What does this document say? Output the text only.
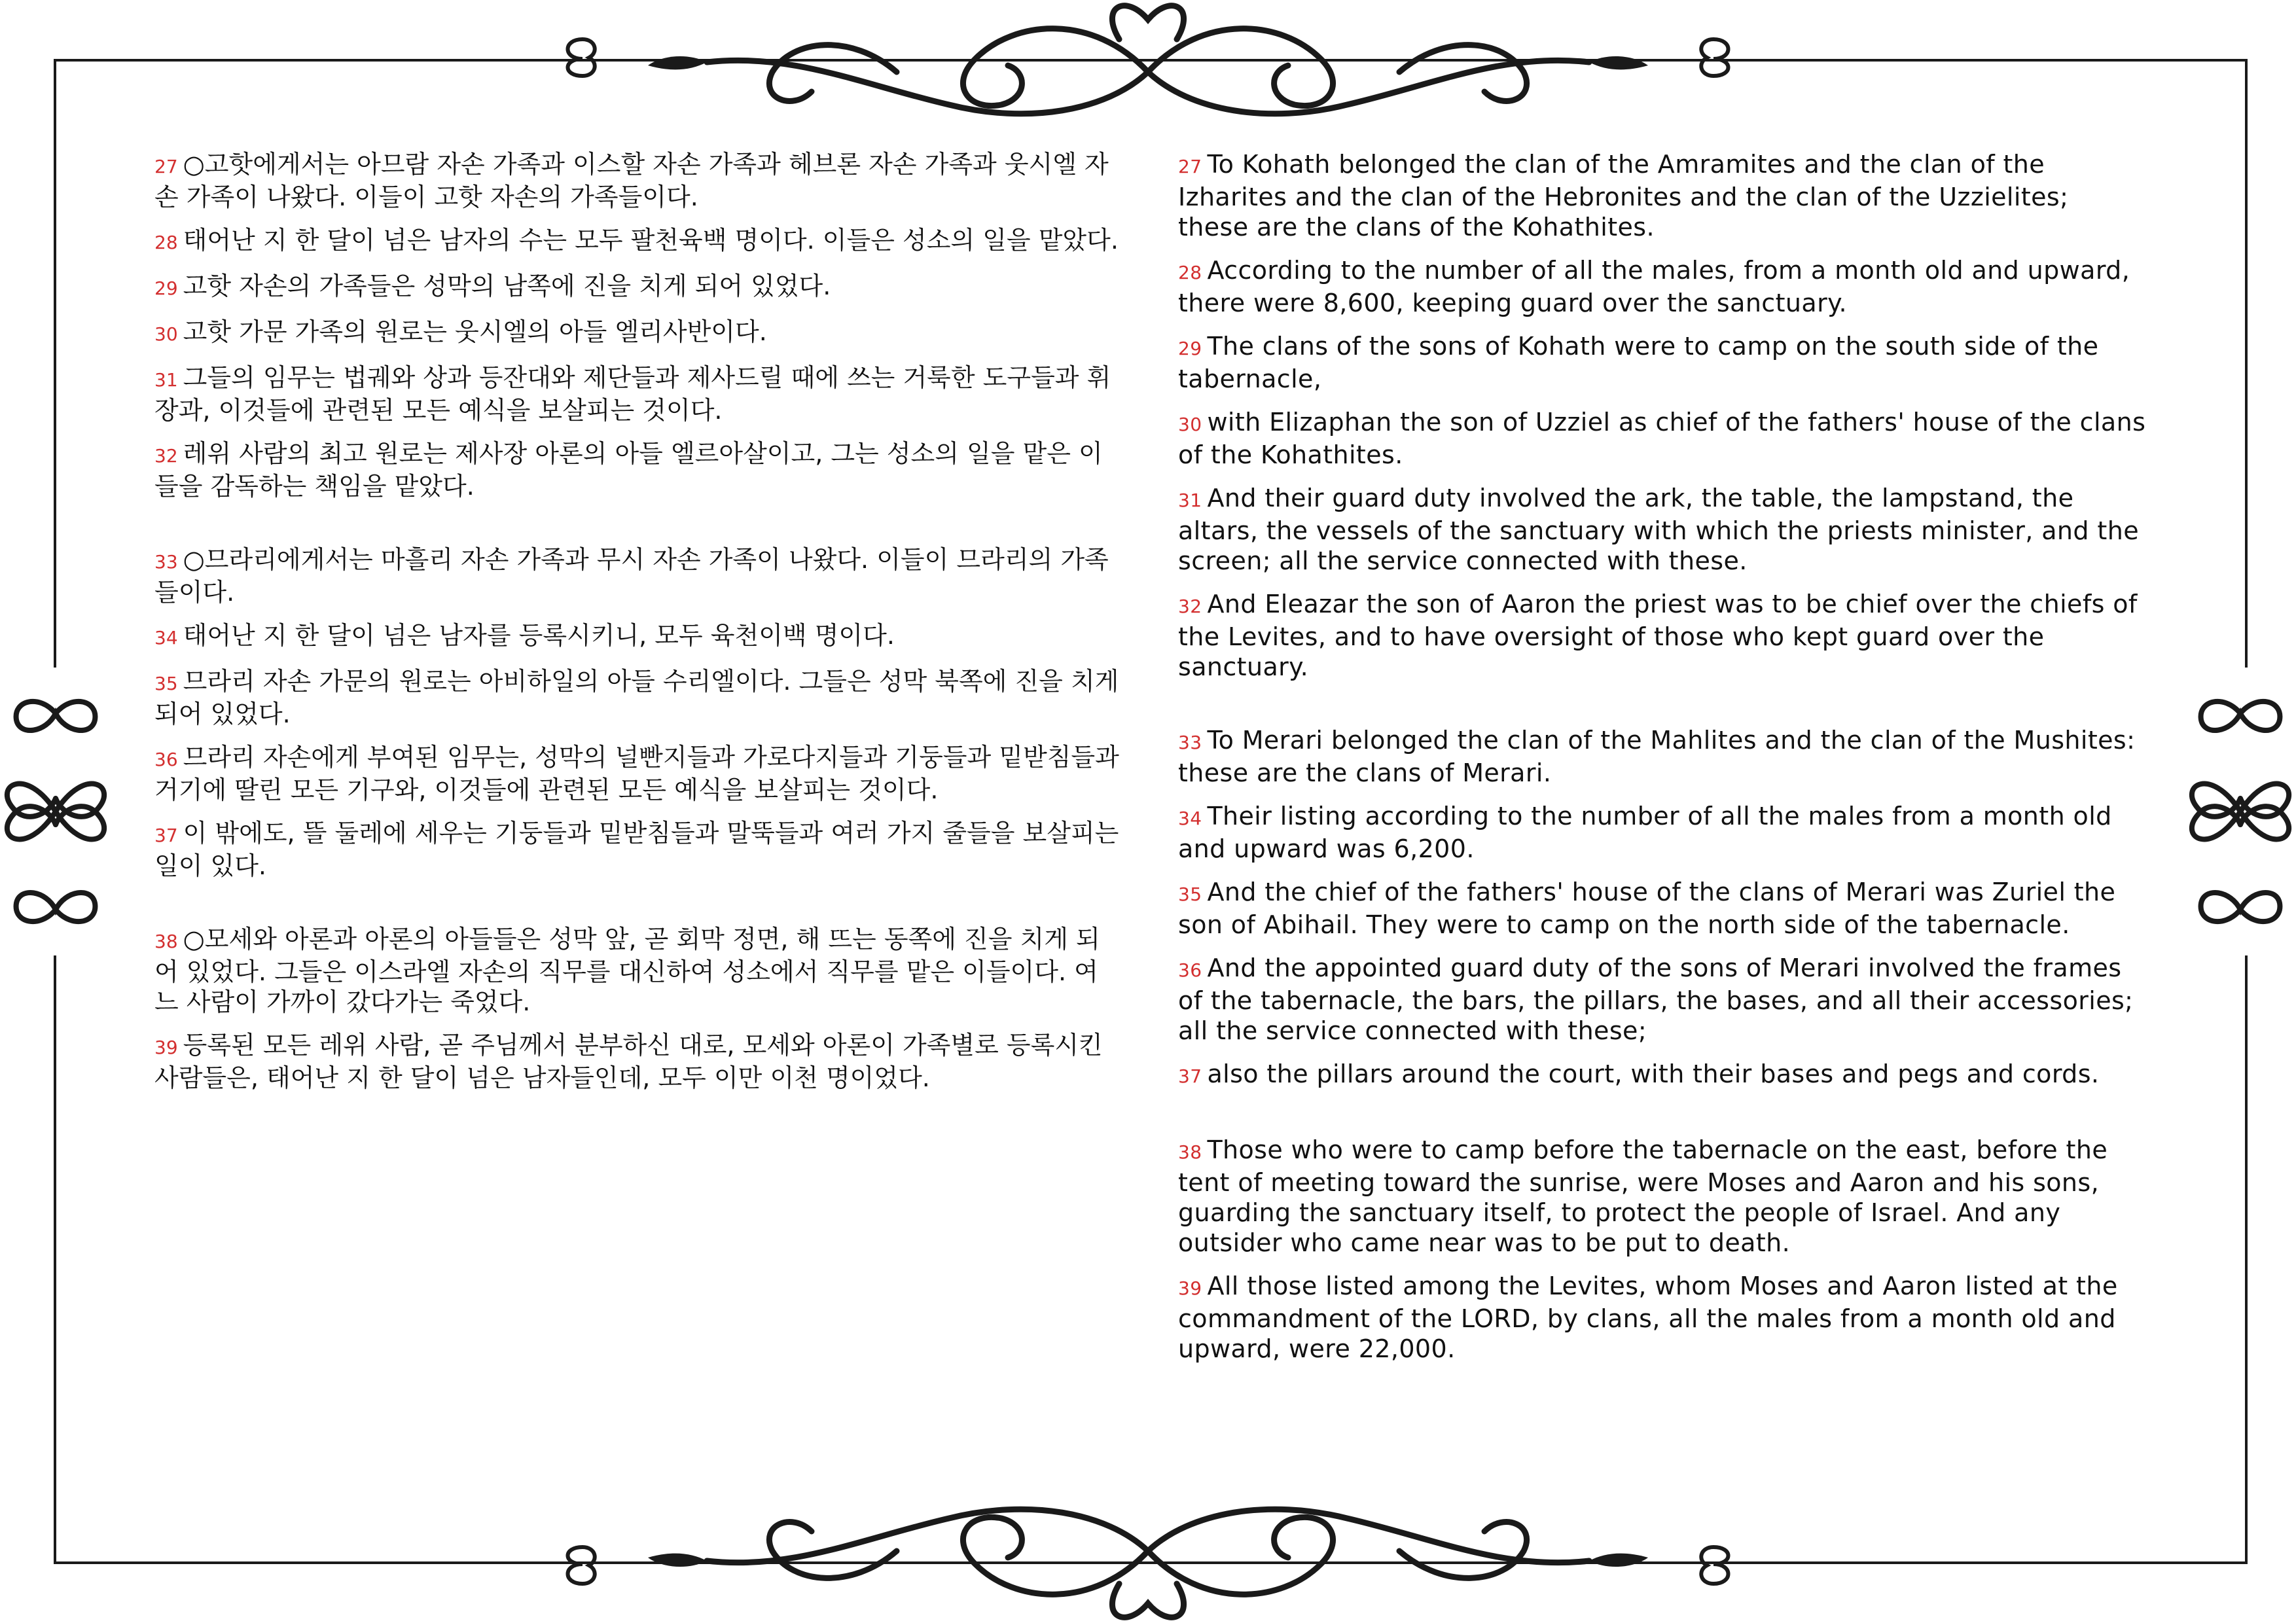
27 ○고핫에게서는 아므람 자손 가족과 이스할 자손 가족과 헤브론 자손 가족과 웃시엘 자손 가족이 나왔다. 이들이 고핫 자손의 가족들이다.

28 태어난 지 한 달이 넘은 남자의 수는 모두 팔천육백 명이다. 이들은 성소의 일을 맡았다.

29 고핫 자손의 가족들은 성막의 남쪽에 진을 치게 되어 있었다.

30 고핫 가문 가족의 원로는 웃시엘의 아들 엘리사반이다.

31 그들의 임무는 법궤와 상과 등잔대와 제단들과 제사드릴 때에 쓰는 거룩한 도구들과 휘장과, 이것들에 관련된 모든 예식을 보살피는 것이다.

32 레위 사람의 최고 원로는 제사장 아론의 아들 엘르아살이고, 그는 성소의 일을 맡은 이들을 감독하는 책임을 맡았다.

33 ○므라리에게서는 마흘리 자손 가족과 무시 자손 가족이 나왔다. 이들이 므라리의 가족들이다.

34 태어난 지 한 달이 넘은 남자를 등록시키니, 모두 육천이백 명이다.

35 므라리 자손 가문의 원로는 아비하일의 아들 수리엘이다. 그들은 성막 북쪽에 진을 치게 되어 있었다.

36 므라리 자손에게 부여된 임무는, 성막의 널빤지들과 가로다지들과 기둥들과 밑받침들과 거기에 딸린 모든 기구와, 이것들에 관련된 모든 예식을 보살피는 것이다.

37 이 밖에도, 뜰 둘레에 세우는 기둥들과 밑받침들과 말뚝들과 여러 가지 줄들을 보살피는 일이 있다.

38 ○모세와 아론과 아론의 아들들은 성막 앞, 곧 회막 정면, 해 뜨는 동쪽에 진을 치게 되어 있었다. 그들은 이스라엘 자손의 직무를 대신하여 성소에서 직무를 맡은 이들이다. 여느 사람이 가까이 갔다가는 죽었다.

39 등록된 모든 레위 사람, 곧 주님께서 분부하신 대로, 모세와 아론이 가족별로 등록시킨 사람들은, 태어난 지 한 달이 넘은 남자들인데, 모두 이만 이천 명이었다.

27 To Kohath belonged the clan of the Amramites and the clan of the Izharites and the clan of the Hebronites and the clan of the Uzzielites; these are the clans of the Kohathites.

28 According to the number of all the males, from a month old and upward, there were 8,600, keeping guard over the sanctuary.

29 The clans of the sons of Kohath were to camp on the south side of the tabernacle,

30 with Elizaphan the son of Uzziel as chief of the fathers' house of the clans of the Kohathites.

31 And their guard duty involved the ark, the table, the lampstand, the altars, the vessels of the sanctuary with which the priests minister, and the screen; all the service connected with these.

32 And Eleazar the son of Aaron the priest was to be chief over the chiefs of the Levites, and to have oversight of those who kept guard over the sanctuary.

33 To Merari belonged the clan of the Mahlites and the clan of the Mushites: these are the clans of Merari.

34 Their listing according to the number of all the males from a month old and upward was 6,200.

35 And the chief of the fathers' house of the clans of Merari was Zuriel the son of Abihail. They were to camp on the north side of the tabernacle.

36 And the appointed guard duty of the sons of Merari involved the frames of the tabernacle, the bars, the pillars, the bases, and all their accessories; all the service connected with these;

37 also the pillars around the court, with their bases and pegs and cords.

38 Those who were to camp before the tabernacle on the east, before the tent of meeting toward the sunrise, were Moses and Aaron and his sons, guarding the sanctuary itself, to protect the people of Israel. And any outsider who came near was to be put to death.

39 All those listed among the Levites, whom Moses and Aaron listed at the commandment of the LORD, by clans, all the males from a month old and upward, were 22,000.
